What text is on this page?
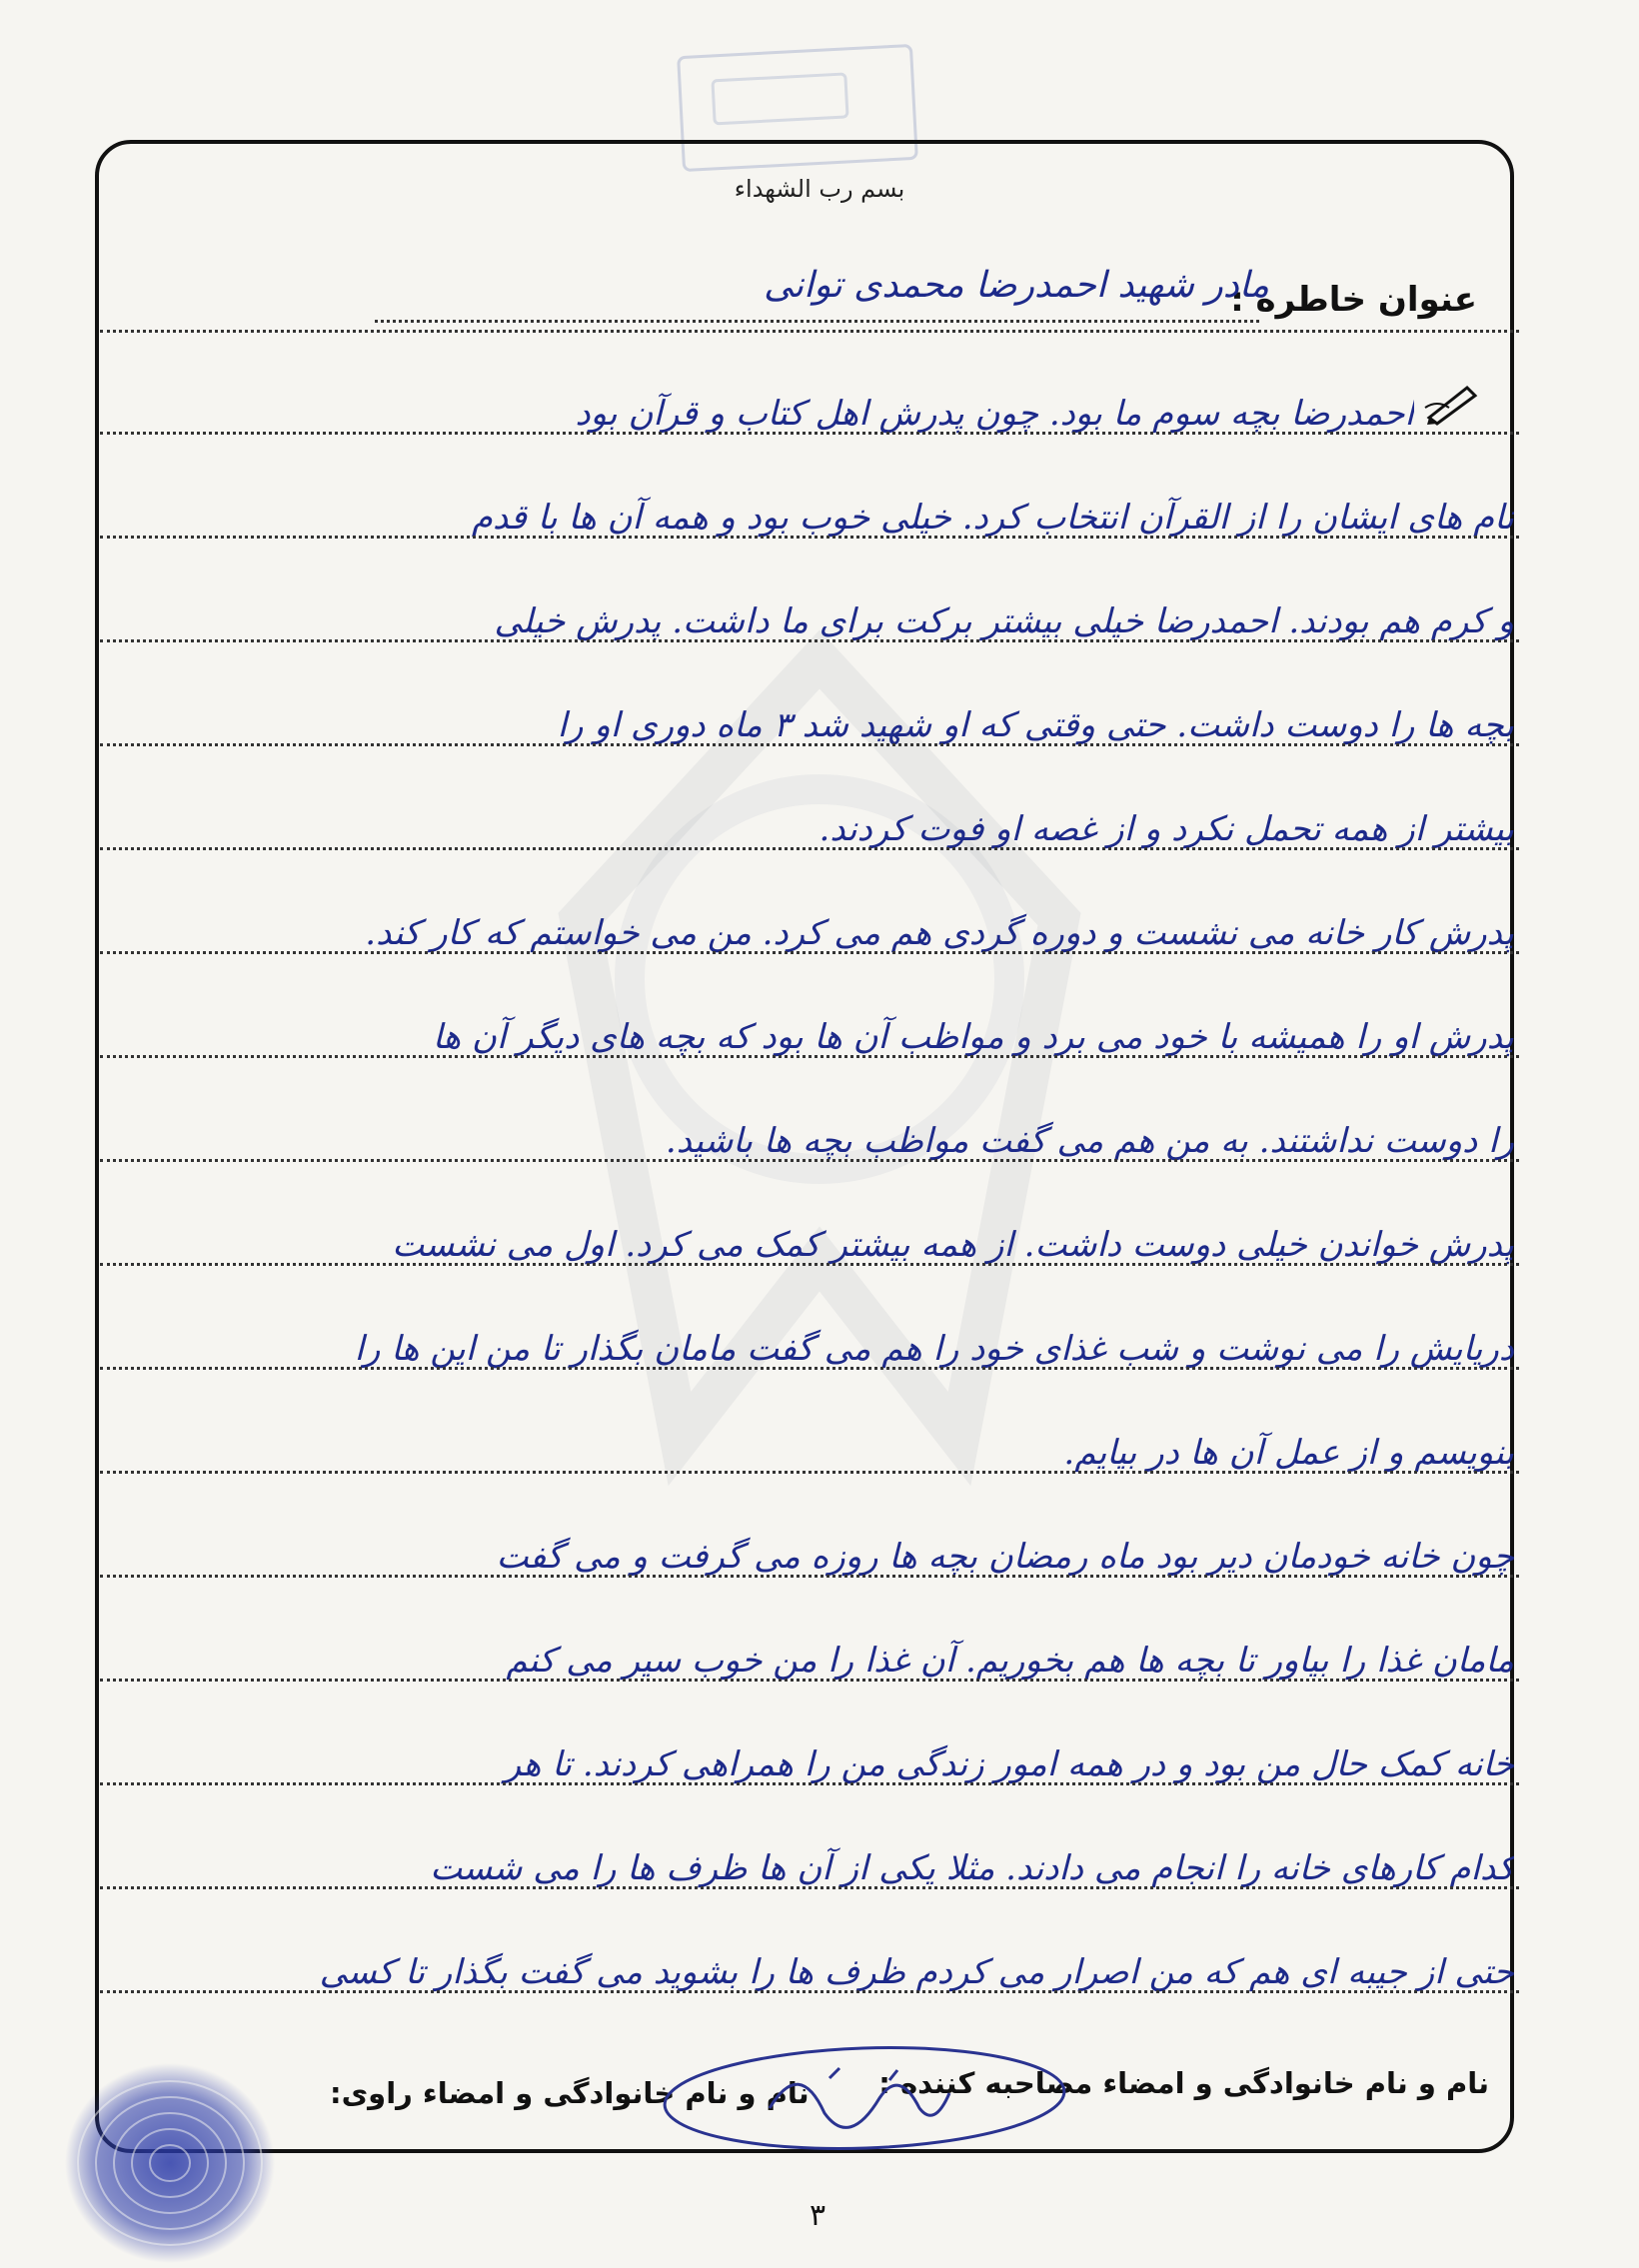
بسم رب الشهداء
عنوان خاطره :
مادر شهید احمدرضا محمدی توانی
احمدرضا بچه سوم ما بود. چون پدرش اهل کتاب و قرآن بود
نام های ایشان را از القرآن انتخاب کرد. خیلی خوب بود و همه آن ها با قدم
و کرم هم بودند. احمدرضا خیلی بیشتر برکت برای ما داشت. پدرش خیلی
بچه ها را دوست داشت. حتی وقتی که او شهید شد ۳ ماه دوری او را
بیشتر از همه تحمل نکرد و از غصه او فوت کردند.
پدرش کار خانه می نشست و دوره گردی هم می کرد. من می خواستم که کار کند.
پدرش او را همیشه با خود می برد و مواظب آن ها بود که بچه های دیگر آن ها
را دوست نداشتند. به من هم می گفت مواظب بچه ها باشید.
پدرش خواندن خیلی دوست داشت. از همه بیشتر کمک می کرد. اول می نشست
دریایش را می نوشت و شب غذای خود را هم می گفت مامان بگذار تا من این ها را
بنویسم و از عمل آن ها در بیایم.
چون خانه خودمان دیر بود ماه رمضان بچه ها روزه می گرفت و می گفت
مامان غذا را بیاور تا بچه ها هم بخوریم. آن غذا را من خوب سیر می کنم
خانه کمک حال من بود و در همه امور زندگی من را همراهی کردند. تا هر
کدام کارهای خانه را انجام می دادند. مثلا یکی از آن ها ظرف ها را می شست
حتی از جیبه ای هم که من اصرار می کردم ظرف ها را بشوید می گفت بگذار تا کسی
نام و نام خانوادگی و امضاء مصاحبه کننده :
نام و نام خانوادگی و امضاء راوی:
۳
